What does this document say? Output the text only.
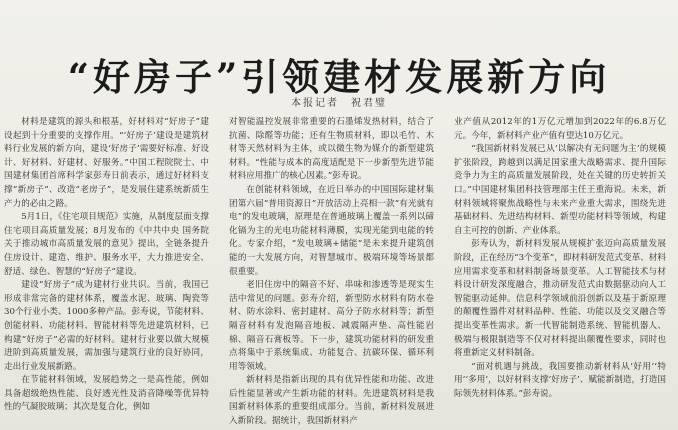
“好房子”引领建材发展新方向
本报记者　祝君璧

材料是建筑的源头和根基，好材料对“好房子”建设起到十分重要的支撑作用。“‘好房子’建设是建筑材料行业发展的新方向，建设‘好房子’需要好标准、好设计、好材料、好建材、好服务。”中国工程院院士、中国建材集团首席科学家彭寿日前表示，通过好材料支撑“新房子”、改造“老房子”，是发展住建系统新质生产力的必由之路。

5月1日，《住宅项目规范》实施，从制度层面支撑住宅项目高质量发展；8月发布的《中共中央 国务院关于推动城市高质量发展的意见》提出，全链条提升住房设计、建造、维护、服务水平，大力推进安全、舒适、绿色、智慧的“好房子”建设。

建设“好房子”成为建材行业共识。当前，我国已形成非常完备的建材体系，覆盖水泥、玻璃、陶瓷等30个行业小类、1000多种产品。彭寿说，节能材料、创能材料、功能材料、智能材料等先进建筑材料，已构建“好房子”必需的好材料。建材行业要以做大规模进阶到高质量发展，需加强与建筑行业的良好协同，走出行业发展新路。

在节能材料领域，发展趋势之一是高性能，例如具备超级绝热性能、良好透光性及消音降噪等优异特性的气凝胶玻璃；其次是复合化，例如

对智能温控发展非常重要的石墨烯发热材料，结合了抗菌、除醛等功能；还有生物质材料，即以毛竹、木材等天然材料为主体，或以微生物为媒介的新型建筑材料。“性能与成本的高度适配是下一步新型先进节能材料应用推广的核心因素。”彭寿说。

在创能材料领域，在近日举办的中国国际建材集团第六届“普用资源日”开放活动上亮相一款“有光就有电”的发电玻璃，原理是在普通玻璃上覆盖一系列以碲化镉为主的光电功能材料薄膜，实现光能到电能的转化。专家介绍，“发电玻璃+储能”是未来提升建筑创能的一大发展方向，对智慧城市、极端环境等场景都很重要。

老旧住房中的隔音不好、串味和渗透等是现实生活中常见的问题。彭寿介绍，新型防水材料有防水卷材、防水涂料、密封建材、高分子防水材料等；新型隔音材料有发泡隔音地板、减震隔声垫、高性能岩棉、隔音石膏板等。下一步，建筑功能材料的研发重点将集中于系统集成、功能复合、抗碳环保、循环利用等领域。

新材料是指新出现的具有优异性能和功能、改进后性能显著或产生新功能的材料。先进建筑材料是我国新材料体系的重要组成部分。当前，新材料发展进入新阶段。据统计，我国新材料产

业产值从2012年的1万亿元增加到2022年的6.8万亿元。今年，新材料产业产值有望达10万亿元。

“我国新材料发展已从‘以解决有无问题为主’的规模扩张阶段，跨越到以满足国家重大战略需求、提升国际竞争力为主的高质量发展阶段，处在关键的历史转折关口。”中国建材集团科技管理部主任王重海说。未来，新材料领域将聚焦战略性与未来产业重大需求，围绕先进基础材料、先进结构材料、新型功能材料等领域，构建自主可控的创新、产业体系。

彭寿认为，新材料发展从规模扩张迈向高质量发展阶段，正在经历“3个变革”，即材料研发范式变革、材料应用需求变革和材料制备场景变革。人工智能技术与材料设计研发深度融合，推动研发范式由数据驱动向人工智能驱动延伸。信息科学领域前沿创新以及基于新原理的颠覆性器件对材料品种、性能、功能以及交叉融合等提出变革性需求。新一代智能制造系统、智能机器人、极端与极限制造等不仅对材料提出颠覆性要求，同时也将重新定义材料制备。

“面对机遇与挑战，我国要推动新材料从‘好用’‘特用’‘多用’，以好材料支撑‘好房子’、赋能新制造，打造国际领先材料体系。”彭寿说。
